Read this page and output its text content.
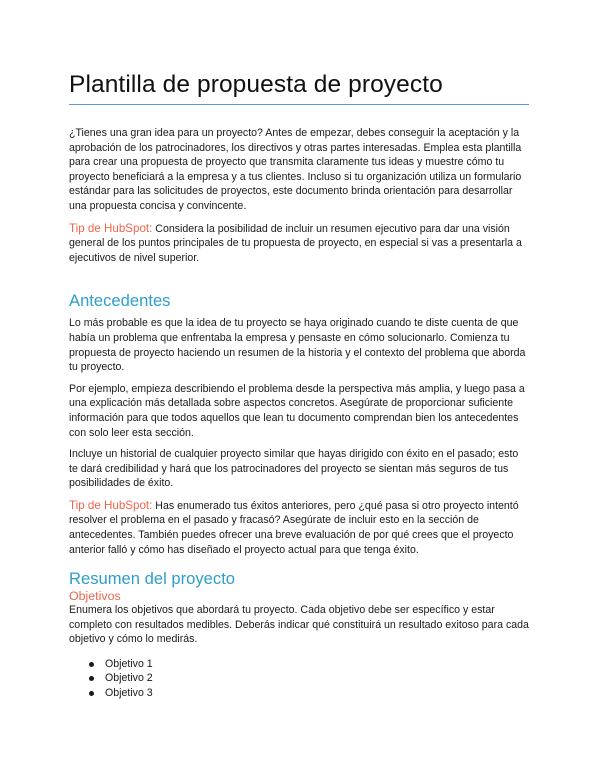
Plantilla de propuesta de proyecto

¿Tienes una gran idea para un proyecto? Antes de empezar, debes conseguir la aceptación y la aprobación de los patrocinadores, los directivos y otras partes interesadas. Emplea esta plantilla para crear una propuesta de proyecto que transmita claramente tus ideas y muestre cómo tu proyecto beneficiará a la empresa y a tus clientes. Incluso si tu organización utiliza un formulario estándar para las solicitudes de proyectos, este documento brinda orientación para desarrollar una propuesta concisa y convincente.

Tip de HubSpot: Considera la posibilidad de incluir un resumen ejecutivo para dar una visión general de los puntos principales de tu propuesta de proyecto, en especial si vas a presentarla a ejecutivos de nivel superior.

Antecedentes

Lo más probable es que la idea de tu proyecto se haya originado cuando te diste cuenta de que había un problema que enfrentaba la empresa y pensaste en cómo solucionarlo. Comienza tu propuesta de proyecto haciendo un resumen de la historia y el contexto del problema que aborda tu proyecto.

Por ejemplo, empieza describiendo el problema desde la perspectiva más amplia, y luego pasa a una explicación más detallada sobre aspectos concretos. Asegúrate de proporcionar suficiente información para que todos aquellos que lean tu documento comprendan bien los antecedentes con solo leer esta sección.

Incluye un historial de cualquier proyecto similar que hayas dirigido con éxito en el pasado; esto te dará credibilidad y hará que los patrocinadores del proyecto se sientan más seguros de tus posibilidades de éxito.

Tip de HubSpot: Has enumerado tus éxitos anteriores, pero ¿qué pasa si otro proyecto intentó resolver el problema en el pasado y fracasó? Asegúrate de incluir esto en la sección de antecedentes. También puedes ofrecer una breve evaluación de por qué crees que el proyecto anterior falló y cómo has diseñado el proyecto actual para que tenga éxito.

Resumen del proyecto
Objetivos

Enumera los objetivos que abordará tu proyecto. Cada objetivo debe ser específico y estar completo con resultados medibles. Deberás indicar qué constituirá un resultado exitoso para cada objetivo y cómo lo medirás.

Objetivo 1
Objetivo 2
Objetivo 3
